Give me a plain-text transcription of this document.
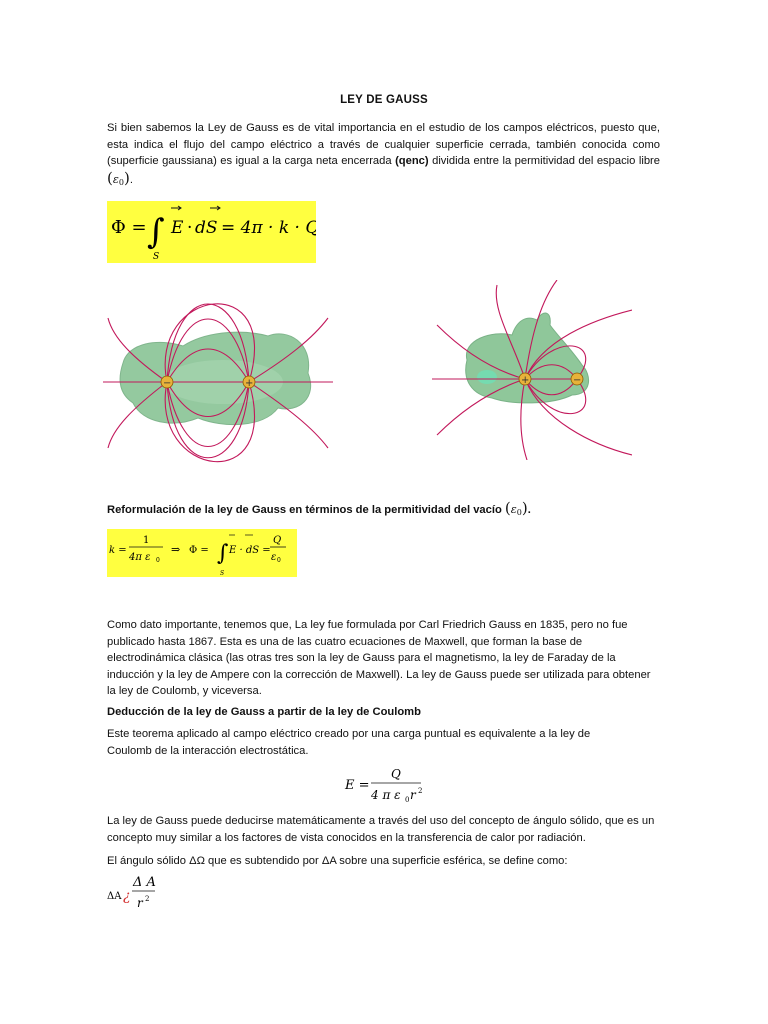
LEY DE GAUSS
Si bien sabemos la Ley de Gauss es de vital importancia en el estudio de los campos eléctricos, puesto que, esta indica el flujo del campo eléctrico a través de cualquier superficie cerrada, también conocida como (superficie gaussiana) es igual a la carga neta encerrada (qenc) dividida entre la permitividad del espacio libre $(\varepsilon_0)$.
Φ = ∫
S
E · dS = 4π · k · Q
−	+	+	−
Reformulación de la ley de Gauss en términos de la permitividad del vacío $(\varepsilon_0)$.
k =
1
4π ε 0
⇒ Φ = ∫
S
E · dS =
Q
ε 0
Como dato importante, tenemos que, La ley fue formulada por Carl Friedrich Gauss en 1835, pero no fue publicado hasta 1867. Esta es una de las cuatro ecuaciones de Maxwell, que forman la base de electrodinámica clásica (las otras tres son la ley de Gauss para el magnetismo, la ley de Faraday de la inducción y la ley de Ampere con la corrección de Maxwell). La ley de Gauss puede ser utilizada para obtener la ley de Coulomb, y viceversa.
Deducción de la ley de Gauss a partir de la ley de Coulomb
Este teorema aplicado al campo eléctrico creado por una carga puntual es equivalente a la ley de
Coulomb de la interacción electrostática.
E =
Q
4 π ε 0 r 2
La ley de Gauss puede deducirse matemáticamente a través del uso del concepto de ángulo sólido, que es un concepto muy similar a los factores de vista conocidos en la transferencia de calor por radiación.
El ángulo sólido ΔΩ que es subtendido por ΔA sobre una superficie esférica, se define como:
ΔA ¿
Δ A
r 2
